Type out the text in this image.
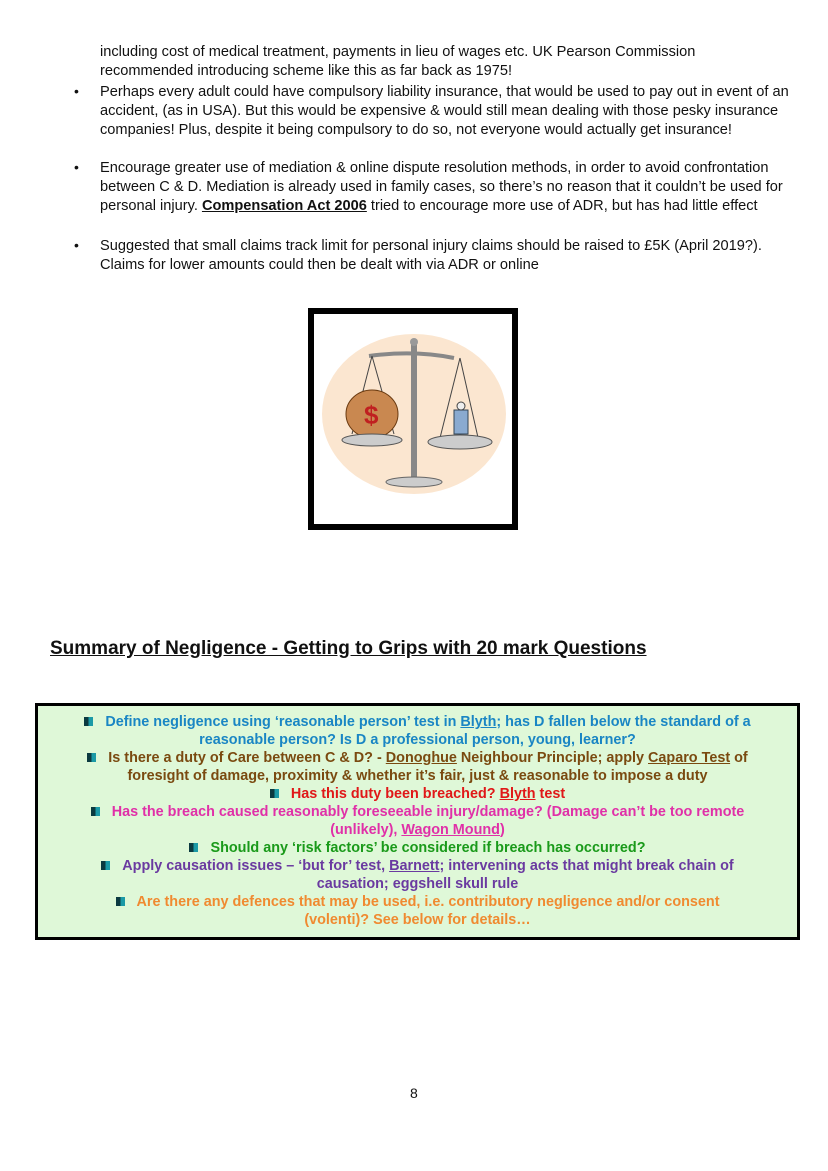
including cost of medical treatment, payments in lieu of wages etc. UK Pearson Commission recommended introducing scheme like this as far back as 1975!
• Perhaps every adult could have compulsory liability insurance, that would be used to pay out in event of an accident, (as in USA). But this would be expensive & would still mean dealing with those pesky insurance companies! Plus, despite it being compulsory to do so, not everyone would actually get insurance!
• Encourage greater use of mediation & online dispute resolution methods, in order to avoid confrontation between C & D. Mediation is already used in family cases, so there’s no reason that it couldn’t be used for personal injury. Compensation Act 2006 tried to encourage more use of ADR, but has had little effect
• Suggested that small claims track limit for personal injury claims should be raised to £5K (April 2019?). Claims for lower amounts could then be dealt with via ADR or online
$
Summary of Negligence - Getting to Grips with 20 mark Questions
Define negligence using ‘reasonable person’ test in Blyth; has D fallen below the standard of a
reasonable person? Is D a professional person, young, learner?
Is there a duty of Care between C & D? - Donoghue Neighbour Principle; apply Caparo Test of
foresight of damage, proximity & whether it’s fair, just & reasonable to impose a duty
Has this duty been breached? Blyth test
Has the breach caused reasonably foreseeable injury/damage? (Damage can’t be too remote
(unlikely), Wagon Mound)
Should any ‘risk factors’ be considered if breach has occurred?
Apply causation issues – ‘but for’ test, Barnett; intervening acts that might break chain of
causation; eggshell skull rule
Are there any defences that may be used, i.e. contributory negligence and/or consent
(volenti)? See below for details…
8
